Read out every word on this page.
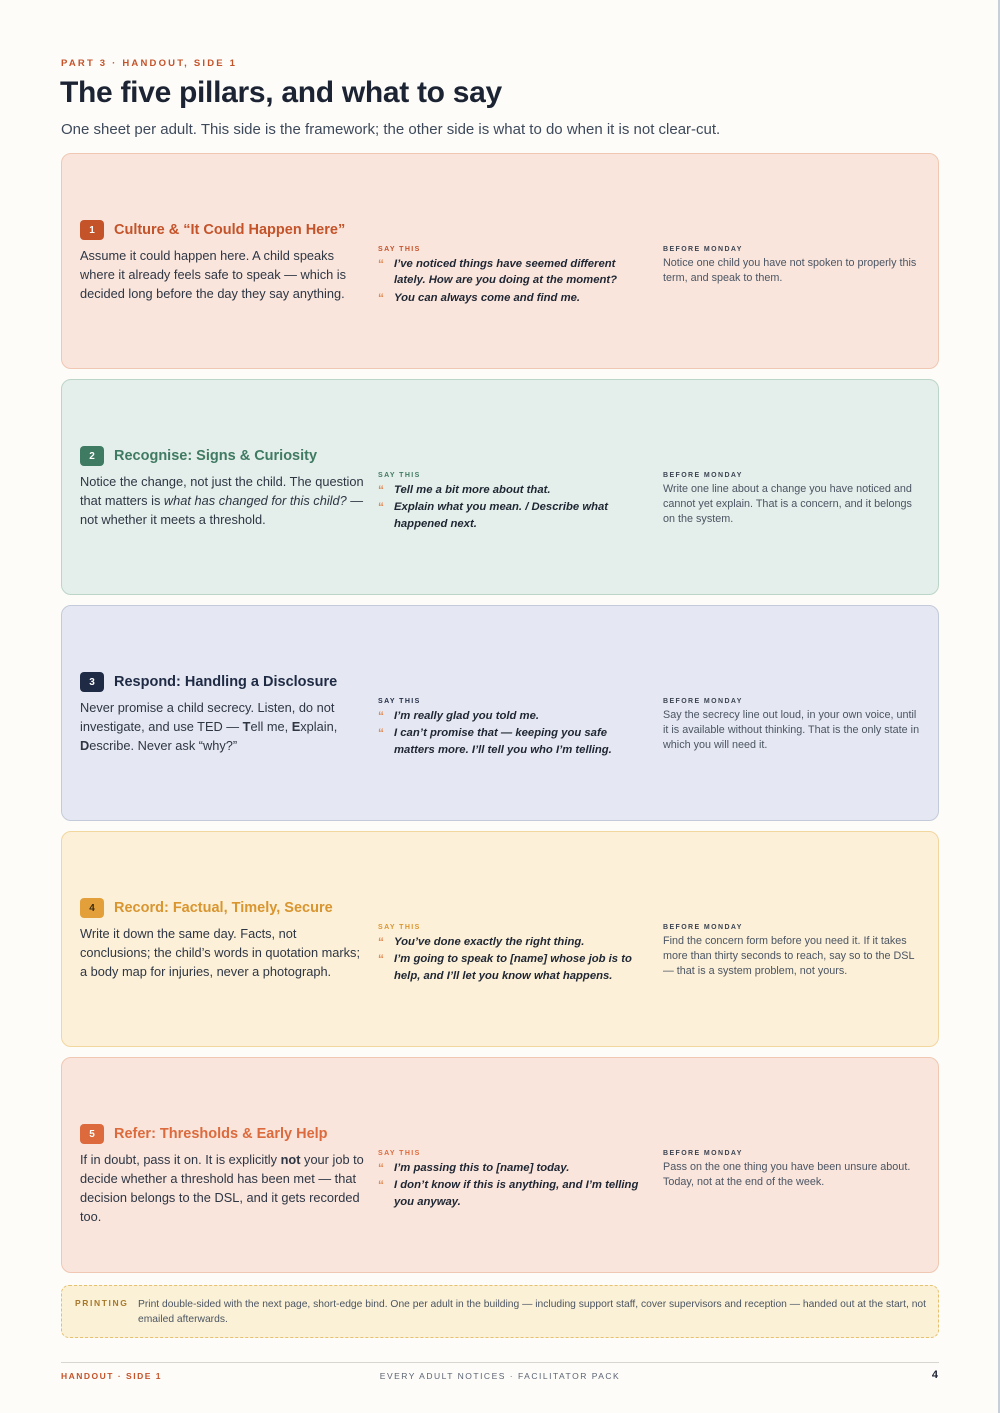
PART 3 · HANDOUT, SIDE 1
The five pillars, and what to say

One sheet per adult. This side is the framework; the other side is what to do when it is not clear-cut.

1	Culture & “It Could Happen Here”

Assume it could happen here. A child speaks where it already feels safe to speak — which is decided long before the day they say anything.

SAY THIS
“ I’ve noticed things have seemed different lately. How are you doing at the moment?
“ You can always come and find me.
BEFORE MONDAY

Notice one child you have not spoken to properly this term, and speak to them.

2	Recognise: Signs & Curiosity

Notice the change, not just the child. The question that matters is what has changed for this child? — not whether it meets a threshold.

SAY THIS
“ Tell me a bit more about that.
“ Explain what you mean. / Describe what happened next.
BEFORE MONDAY

Write one line about a change you have noticed and cannot yet explain. That is a concern, and it belongs on the system.

3	Respond: Handling a Disclosure

Never promise a child secrecy. Listen, do not investigate, and use TED — Tell me, Explain, Describe. Never ask “why?”

SAY THIS
“ I’m really glad you told me.
“ I can’t promise that — keeping you safe matters more. I’ll tell you who I’m telling.
BEFORE MONDAY

Say the secrecy line out loud, in your own voice, until it is available without thinking. That is the only state in which you will need it.

4	Record: Factual, Timely, Secure

Write it down the same day. Facts, not conclusions; the child’s words in quotation marks; a body map for injuries, never a photograph.

SAY THIS
“ You’ve done exactly the right thing.
“ I’m going to speak to [name] whose job is to help, and I’ll let you know what happens.
BEFORE MONDAY

Find the concern form before you need it. If it takes more than thirty seconds to reach, say so to the DSL — that is a system problem, not yours.

5	Refer: Thresholds & Early Help

If in doubt, pass it on. It is explicitly not your job to decide whether a threshold has been met — that decision belongs to the DSL, and it gets recorded too.

SAY THIS
“ I’m passing this to [name] today.
“ I don’t know if this is anything, and I’m telling you anyway.
BEFORE MONDAY

Pass on the one thing you have been unsure about. Today, not at the end of the week.

PRINTING Print double-sided with the next page, short-edge bind. One per adult in the building — including support staff, cover supervisors and reception — handed out at the start, not emailed afterwards.

HANDOUT · SIDE 1	EVERY ADULT NOTICES · FACILITATOR PACK	4
